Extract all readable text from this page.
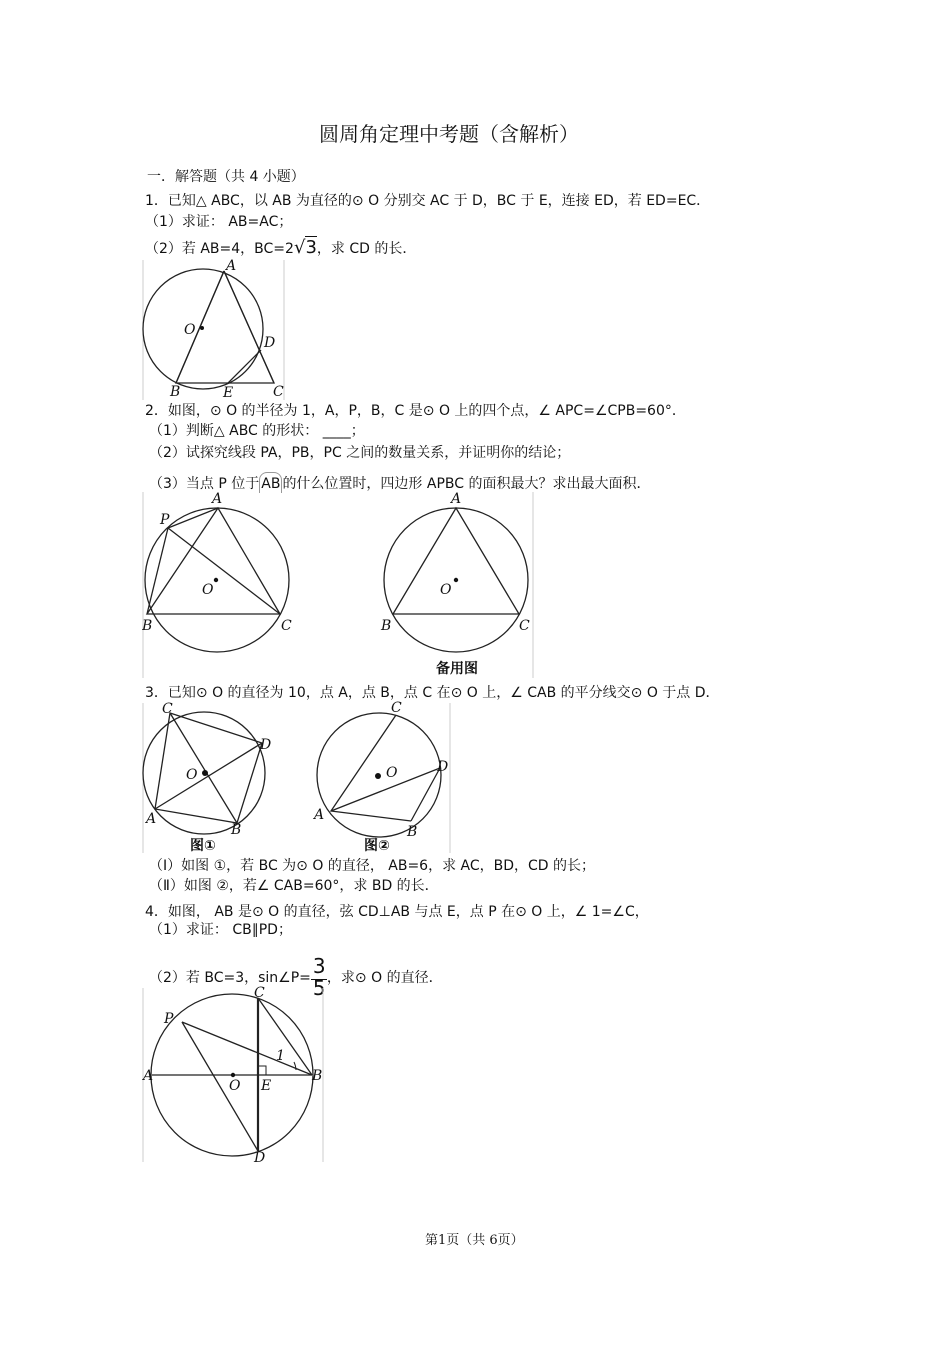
圆周角定理中考题（含解析）
一．解答题（共 4 小题）
1．已知△ ABC，以 AB 为直径的⊙ O 分别交 AC 于 D，BC 于 E，连接 ED，若 ED=EC．
（1）求证： AB=AC；
（2）若 AB=4，BC=2√3，求 CD 的长．
A
O
D
B	E	C
2．如图，⊙ O 的半径为 1，A，P，B，C 是⊙ O 上的四个点，∠ APC=∠CPB=60°．
（1）判断△ ABC 的形状： ____；
（2）试探究线段 PA，PB，PC 之间的数量关系，并证明你的结论；
（3）当点 P 位于 AB 的什么位置时，四边形 APBC 的面积最大？求出最大面积．
A
P
O
B	C
A
O
B	C
备用图
3．已知⊙ O 的直径为 10，点 A，点 B，点 C 在⊙ O 上，∠ CAB 的平分线交⊙ O 于点 D．
C
D
O
A
B
图①
C
D
O
A
B
图②
（Ⅰ）如图 ①，若 BC 为⊙ O 的直径， AB=6，求 AC，BD，CD 的长；
（Ⅱ）如图 ②，若∠ CAB=60°，求 BD 的长．
4．如图， AB 是⊙ O 的直径，弦 CD⊥AB 与点 E，点 P 在⊙ O 上，∠ 1=∠C，
（1）求证： CB∥PD；
（2）若 BC=3，sin∠P=
$\frac{3}{5}$
，求⊙ O 的直径．
C
P
1
A
O E
B
D
第1页（共 6页）
